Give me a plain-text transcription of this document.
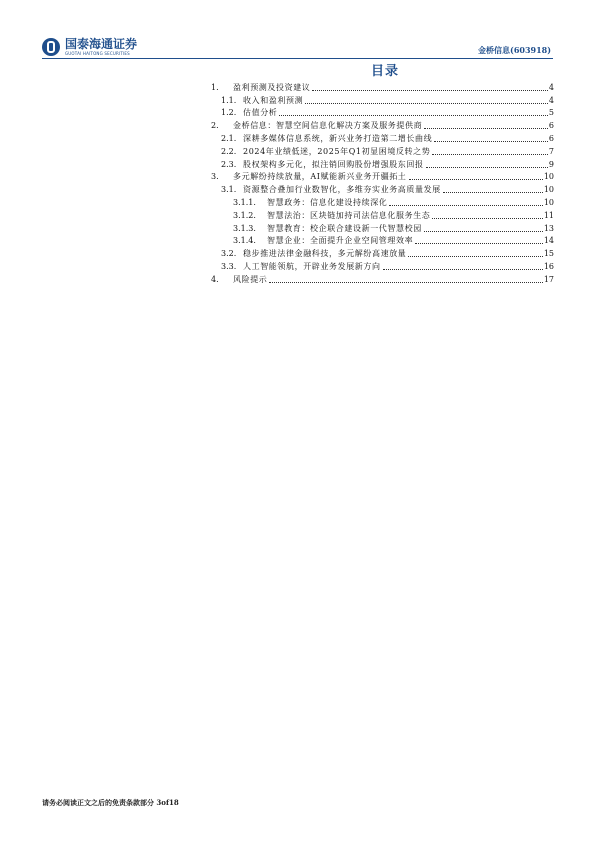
国泰海通证券
GUOTAI HAITONG SECURITIES	金桥信息(603918)
目录
1.	盈利预测及投资建议	4
1.1. 收入和盈利预测	4
1.2. 估值分析	5
2.	金桥信息：智慧空间信息化解决方案及服务提供商	6
2.1. 深耕多媒体信息系统，新兴业务打造第二增长曲线	6
2.2. 2024年业绩低迷，2025年Q1初显困境反转之势	7
2.3. 股权架构多元化，拟注销回购股份增强股东回报	9
3.	多元解纷持续放量，AI赋能新兴业务开疆拓土	10
3.1. 资源整合叠加行业数智化，多维夯实业务高质量发展	10
3.1.1.	智慧政务：信息化建设持续深化	10
3.1.2.	智慧法治：区块链加持司法信息化服务生态	11
3.1.3.	智慧教育：校企联合建设新一代智慧校园	13
3.1.4.	智慧企业：全面提升企业空间管理效率	14
3.2. 稳步推进法律金融科技，多元解纷高速放量	15
3.3. 人工智能领航，开辟业务发展新方向	16
4.	风险提示	17
请务必阅读正文之后的免责条款部分 3of18
